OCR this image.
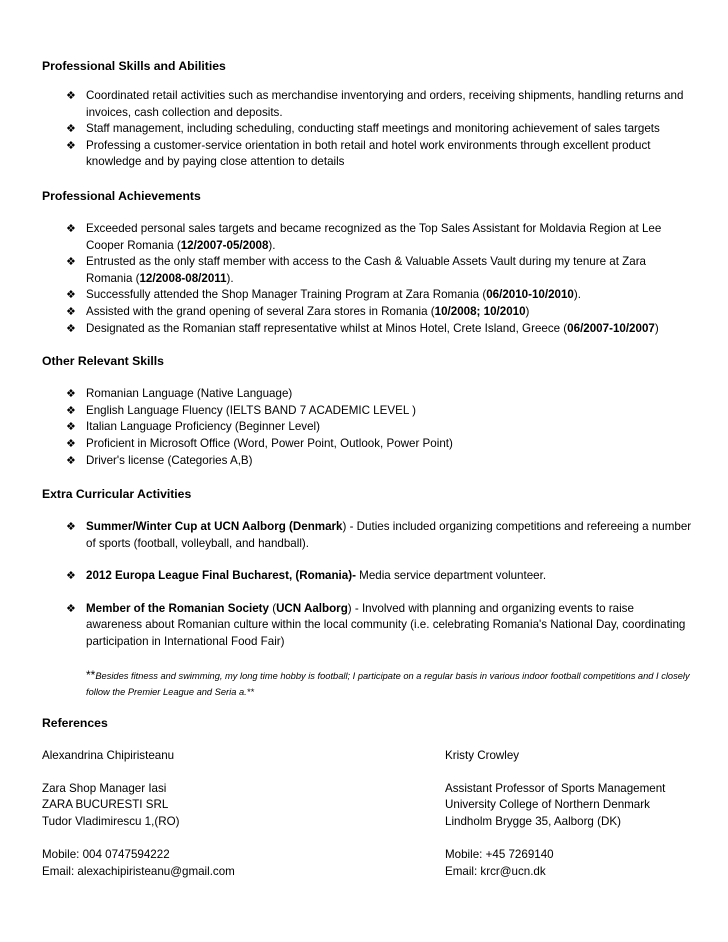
Professional Skills and Abilities
❖ Coordinated retail activities such as merchandise inventorying and orders, receiving shipments, handling returns and invoices, cash collection and deposits.
❖ Staff management, including scheduling, conducting staff meetings and monitoring achievement of sales targets
❖ Professing a customer-service orientation in both retail and hotel work environments through excellent product knowledge and by paying close attention to details
Professional Achievements
❖ Exceeded personal sales targets and became recognized as the Top Sales Assistant for Moldavia Region at Lee Cooper Romania (12/2007-05/2008).
❖ Entrusted as the only staff member with access to the Cash & Valuable Assets Vault during my tenure at Zara Romania (12/2008-08/2011).
❖ Successfully attended the Shop Manager Training Program at Zara Romania (06/2010-10/2010).
❖ Assisted with the grand opening of several Zara stores in Romania (10/2008; 10/2010)
❖ Designated as the Romanian staff representative whilst at Minos Hotel, Crete Island, Greece (06/2007-10/2007)
Other Relevant Skills
❖ Romanian Language (Native Language)
❖ English Language Fluency (IELTS BAND 7 ACADEMIC LEVEL )
❖ Italian Language Proficiency (Beginner Level)
❖ Proficient in Microsoft Office (Word, Power Point, Outlook, Power Point)
❖ Driver's license (Categories A,B)
Extra Curricular Activities
❖ Summer/Winter Cup at UCN Aalborg (Denmark) - Duties included organizing competitions and refereeing a number of sports (football, volleyball, and handball).
❖ 2012 Europa League Final Bucharest, (Romania)- Media service department volunteer.
❖ Member of the Romanian Society (UCN Aalborg) - Involved with planning and organizing events to raise awareness about Romanian culture within the local community (i.e. celebrating Romania's National Day, coordinating participation in International Food Fair)
**Besides fitness and swimming, my long time hobby is football; I participate on a regular basis in various indoor football competitions and I closely follow the Premier League and Seria a.**
References
Alexandrina Chipiristeanu
Zara Shop Manager Iasi
ZARA BUCURESTI SRL
Tudor Vladimirescu 1,(RO)
Mobile: 004 0747594222
Email: alexachipiristeanu@gmail.com
Kristy Crowley
Assistant Professor of Sports Management
University College of Northern Denmark
Lindholm Brygge 35, Aalborg (DK)
Mobile: +45 7269140
Email: krcr@ucn.dk
